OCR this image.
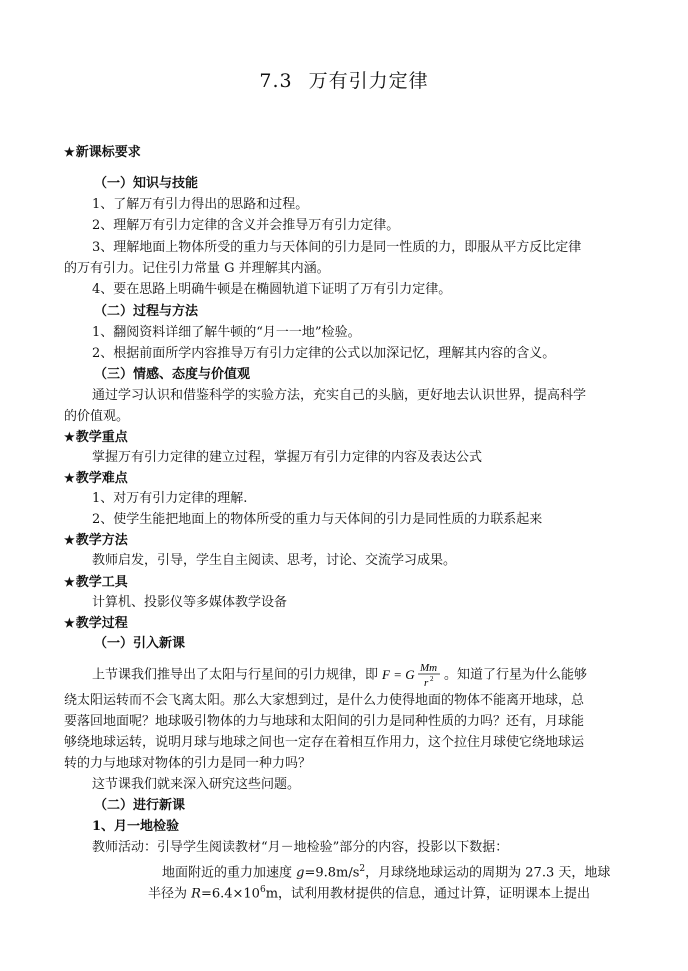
7.3 万有引力定律
★新课标要求
（一）知识与技能
1、了解万有引力得出的思路和过程。
2、理解万有引力定律的含义并会推导万有引力定律。
3、理解地面上物体所受的重力与天体间的引力是同一性质的力，即服从平方反比定律
的万有引力。记住引力常量 G 并理解其内涵。
4、要在思路上明确牛顿是在椭圆轨道下证明了万有引力定律。
（二）过程与方法
1、翻阅资料详细了解牛顿的“月一一地”检验。
2、根据前面所学内容推导万有引力定律的公式以加深记忆，理解其内容的含义。
（三）情感、态度与价值观
通过学习认识和借鉴科学的实验方法，充实自己的头脑，更好地去认识世界，提高科学
的价值观。
★教学重点
掌握万有引力定律的建立过程，掌握万有引力定律的内容及表达公式
★教学难点
1、对万有引力定律的理解.
2、使学生能把地面上的物体所受的重力与天体间的引力是同性质的力联系起来
★教学方法
教师启发，引导，学生自主阅读、思考，讨论、交流学习成果。
★教学工具
计算机、投影仪等多媒体教学设备
★教学过程
（一）引入新课
上节课我们推导出了太阳与行星间的引力规律，即 F = G Mm
r 2 。知道了行星为什么能够
绕太阳运转而不会飞离太阳。那么大家想到过，是什么力使得地面的物体不能离开地球，总
要落回地面呢？地球吸引物体的力与地球和太阳间的引力是同种性质的力吗？还有，月球能
够绕地球运转，说明月球与地球之间也一定存在着相互作用力，这个拉住月球使它绕地球运
转的力与地球对物体的引力是同一种力吗？
这节课我们就来深入研究这些问题。
（二）进行新课
1、月一地检验
教师活动：引导学生阅读教材“月－地检验”部分的内容，投影以下数据：
地面附近的重力加速度 $g=9.8m/s^2$，月球绕地球运动的周期为 27.3 天，地球
半径为 $R=6.4\times 10^6m$，试利用教材提供的信息，通过计算，证明课本上提出
